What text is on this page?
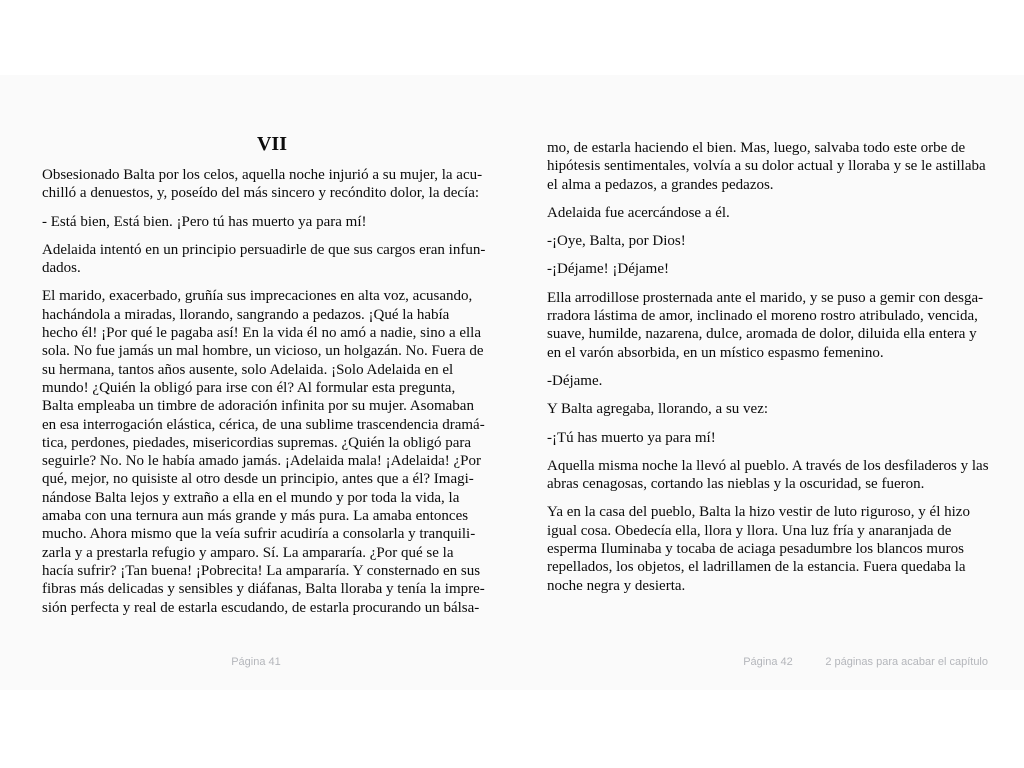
VII

Obsesionado Balta por los celos, aquella noche injurió a su mujer, la acu-
chilló a denuestos, y, poseído del más sincero y recóndito dolor, la decía:

- Está bien, Está bien. ¡Pero tú has muerto ya para mí!

Adelaida intentó en un principio persuadirle de que sus cargos eran infun-
dados.

El marido, exacerbado, gruñía sus imprecaciones en alta voz, acusando,
hachándola a miradas, llorando, sangrando a pedazos. ¡Qué la había
hecho él! ¡Por qué le pagaba así! En la vida él no amó a nadie, sino a ella
sola. No fue jamás un mal hombre, un vicioso, un holgazán. No. Fuera de
su hermana, tantos años ausente, solo Adelaida. ¡Solo Adelaida en el
mundo! ¿Quién la obligó para irse con él? Al formular esta pregunta,
Balta empleaba un timbre de adoración infinita por su mujer. Asomaban
en esa interrogación elástica, cérica, de una sublime trascendencia dramá-
tica, perdones, piedades, misericordias supremas. ¿Quién la obligó para
seguirle? No. No le había amado jamás. ¡Adelaida mala! ¡Adelaida! ¿Por
qué, mejor, no quisiste al otro desde un principio, antes que a él? Imagi-
nándose Balta lejos y extraño a ella en el mundo y por toda la vida, la
amaba con una ternura aun más grande y más pura. La amaba entonces
mucho. Ahora mismo que la veía sufrir acudiría a consolarla y tranquili-
zarla y a prestarla refugio y amparo. Sí. La ampararía. ¿Por qué se la
hacía sufrir? ¡Tan buena! ¡Pobrecita! La ampararía. Y consternado en sus
fibras más delicadas y sensibles y diáfanas, Balta lloraba y tenía la impre-
sión perfecta y real de estarla escudando, de estarla procurando un bálsa-

mo, de estarla haciendo el bien. Mas, luego, salvaba todo este orbe de
hipótesis sentimentales, volvía a su dolor actual y lloraba y se le astillaba
el alma a pedazos, a grandes pedazos.

Adelaida fue acercándose a él.

-¡Oye, Balta, por Dios!

-¡Déjame! ¡Déjame!

Ella arrodillose prosternada ante el marido, y se puso a gemir con desga-
rradora lástima de amor, inclinado el moreno rostro atribulado, vencida,
suave, humilde, nazarena, dulce, aromada de dolor, diluida ella entera y
en el varón absorbida, en un místico espasmo femenino.

-Déjame.

Y Balta agregaba, llorando, a su vez:

-¡Tú has muerto ya para mí!

Aquella misma noche la llevó al pueblo. A través de los desfiladeros y las
abras cenagosas, cortando las nieblas y la oscuridad, se fueron.

Ya en la casa del pueblo, Balta la hizo vestir de luto riguroso, y él hizo
igual cosa. Obedecía ella, llora y llora. Una luz fría y anaranjada de
esperma Iluminaba y tocaba de aciaga pesadumbre los blancos muros
repellados, los objetos, el ladrillamen de la estancia. Fuera quedaba la
noche negra y desierta.

Página 41	Página 42	2 páginas para acabar el capítulo
